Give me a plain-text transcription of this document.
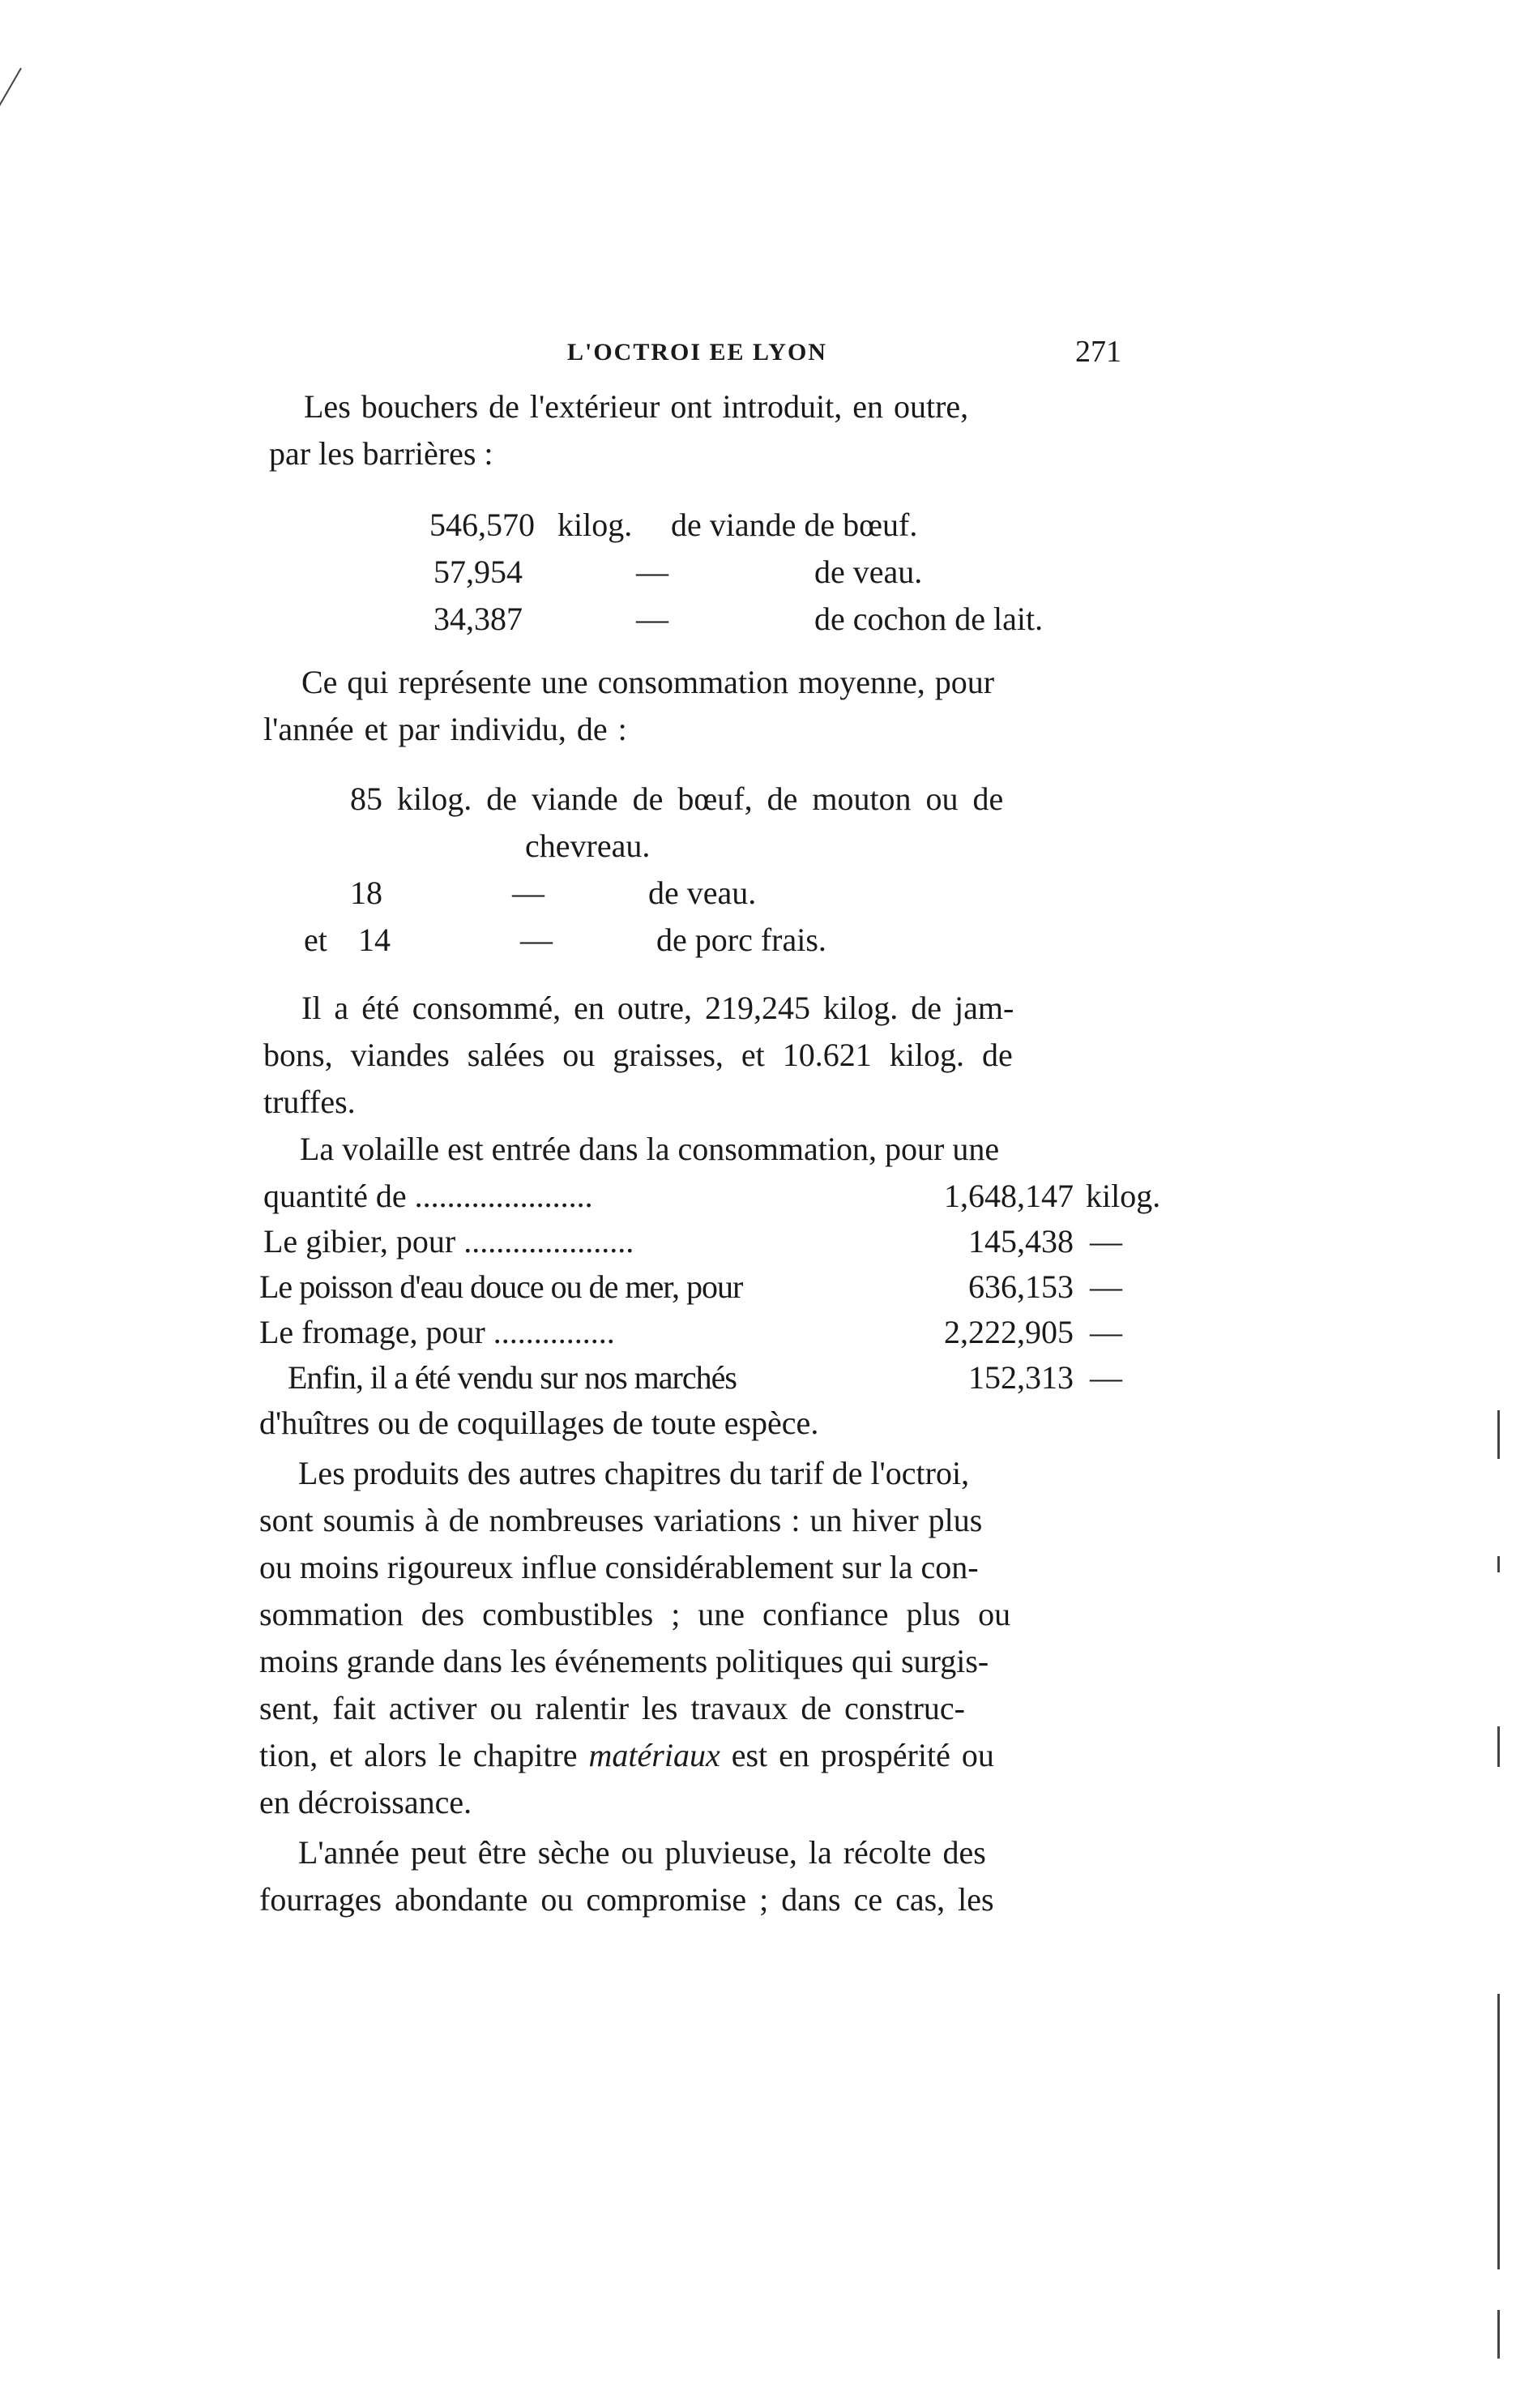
L'OCTROI EE LYON	271
Les bouchers de l'extérieur ont introduit, en outre,
par les barrières :
546,570 kilog. de viande de bœuf.
57,954	—	de veau.
34,387	—	de cochon de lait.
Ce qui représente une consommation moyenne, pour
l'année et par individu, de :
85 kilog. de viande de bœuf, de mouton ou de
chevreau.
18	—	de veau.
et 14	—	de porc frais.
Il a été consommé, en outre, 219,245 kilog. de jam-
bons, viandes salées ou graisses, et 10.621 kilog. de
truffes.
La volaille est entrée dans la consommation, pour une
quantité de ......................	1,648,147 kilog.
Le gibier, pour .....................	145,438 —
Le poisson d'eau douce ou de mer, pour	636,153 —
Le fromage, pour ...............	2,222,905 —
Enfin, il a été vendu sur nos marchés	152,313 —
d'huîtres ou de coquillages de toute espèce.
Les produits des autres chapitres du tarif de l'octroi,
sont soumis à de nombreuses variations : un hiver plus
ou moins rigoureux influe considérablement sur la con-
sommation des combustibles ; une confiance plus ou
moins grande dans les événements politiques qui surgis-
sent, fait activer ou ralentir les travaux de construc-
tion, et alors le chapitre matériaux est en prospérité ou
en décroissance.
L'année peut être sèche ou pluvieuse, la récolte des
fourrages abondante ou compromise ; dans ce cas, les
